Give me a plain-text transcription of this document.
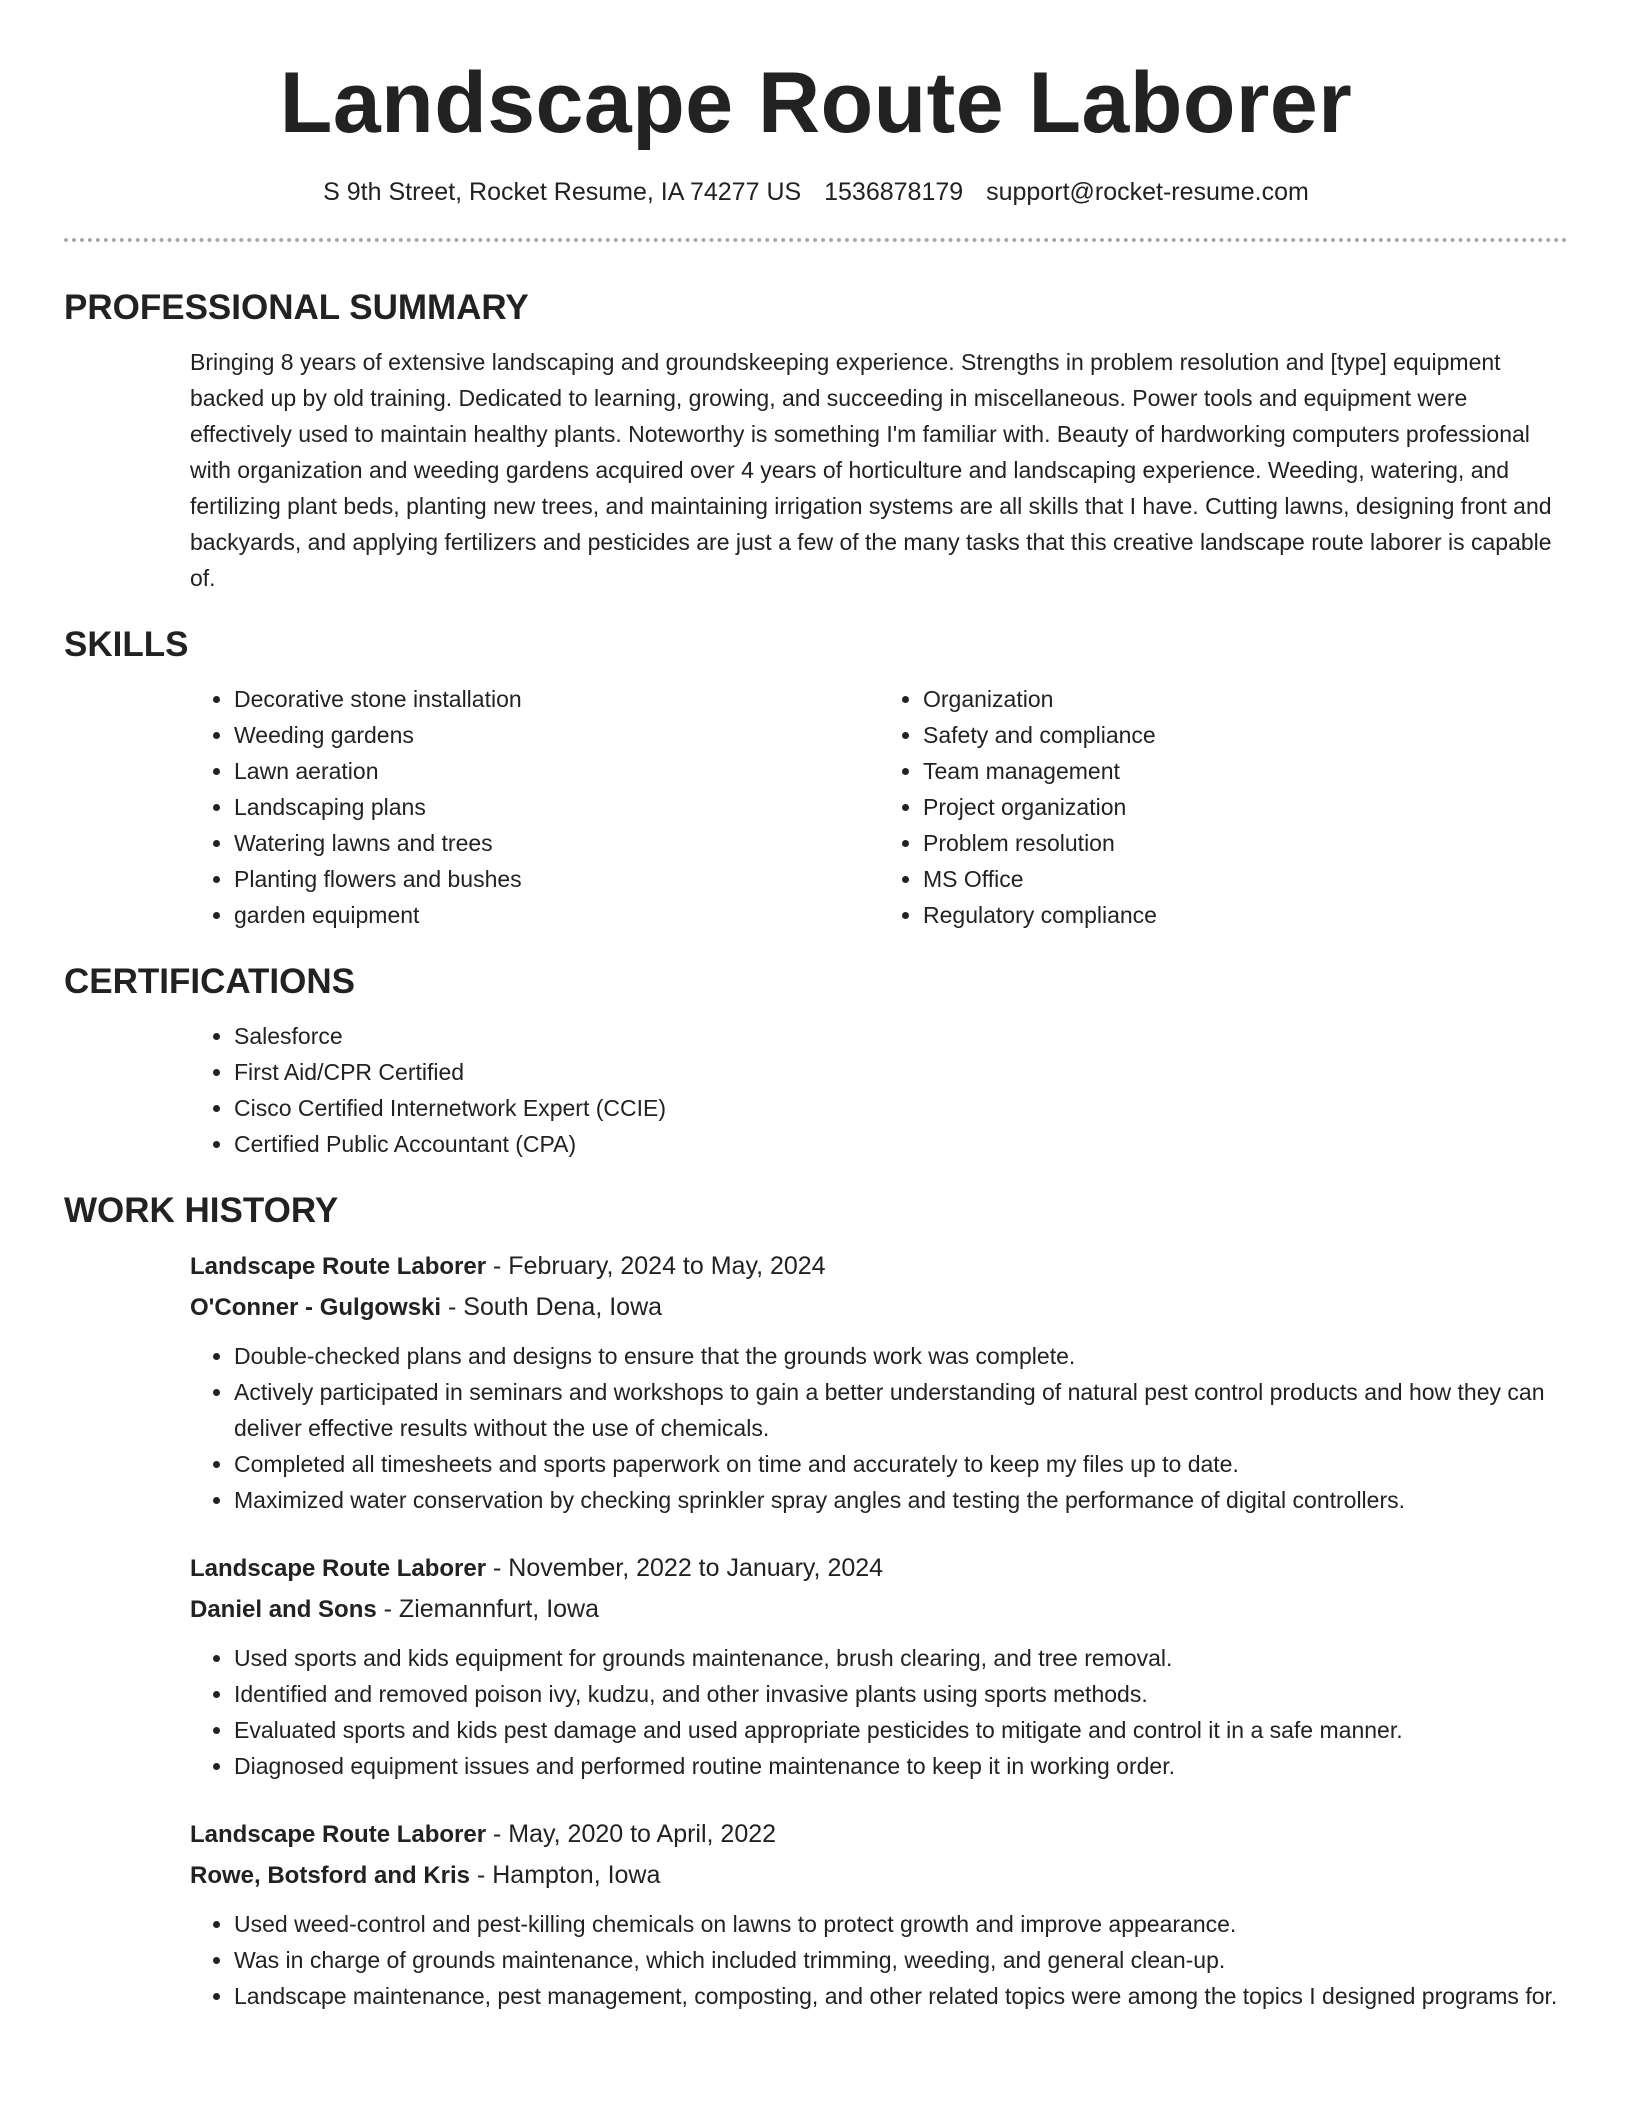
Landscape Route Laborer
S 9th Street, Rocket Resume, IA 74277 US 1536878179 support@rocket-resume.com
PROFESSIONAL SUMMARY

Bringing 8 years of extensive landscaping and groundskeeping experience. Strengths in problem resolution and [type] equipment backed up by old training. Dedicated to learning, growing, and succeeding in miscellaneous. Power tools and equipment were effectively used to maintain healthy plants. Noteworthy is something I'm familiar with. Beauty of hardworking computers professional with organization and weeding gardens acquired over 4 years of horticulture and landscaping experience. Weeding, watering, and fertilizing plant beds, planting new trees, and maintaining irrigation systems are all skills that I have. Cutting lawns, designing front and backyards, and applying fertilizers and pesticides are just a few of the many tasks that this creative landscape route laborer is capable of.

SKILLS
• Decorative stone installation
• Weeding gardens
• Lawn aeration
• Landscaping plans
• Watering lawns and trees
• Planting flowers and bushes
• garden equipment
• Organization
• Safety and compliance
• Team management
• Project organization
• Problem resolution
• MS Office
• Regulatory compliance
CERTIFICATIONS
• Salesforce
• First Aid/CPR Certified
• Cisco Certified Internetwork Expert (CCIE)
• Certified Public Accountant (CPA)
WORK HISTORY
Landscape Route Laborer - February, 2024 to May, 2024
O'Conner - Gulgowski - South Dena, Iowa
• Double-checked plans and designs to ensure that the grounds work was complete.
• Actively participated in seminars and workshops to gain a better understanding of natural pest control products and how they can deliver effective results without the use of chemicals.
• Completed all timesheets and sports paperwork on time and accurately to keep my files up to date.
• Maximized water conservation by checking sprinkler spray angles and testing the performance of digital controllers.
Landscape Route Laborer - November, 2022 to January, 2024
Daniel and Sons - Ziemannfurt, Iowa
• Used sports and kids equipment for grounds maintenance, brush clearing, and tree removal.
• Identified and removed poison ivy, kudzu, and other invasive plants using sports methods.
• Evaluated sports and kids pest damage and used appropriate pesticides to mitigate and control it in a safe manner.
• Diagnosed equipment issues and performed routine maintenance to keep it in working order.
Landscape Route Laborer - May, 2020 to April, 2022
Rowe, Botsford and Kris - Hampton, Iowa
• Used weed-control and pest-killing chemicals on lawns to protect growth and improve appearance.
• Was in charge of grounds maintenance, which included trimming, weeding, and general clean-up.
• Landscape maintenance, pest management, composting, and other related topics were among the topics I designed programs for.
